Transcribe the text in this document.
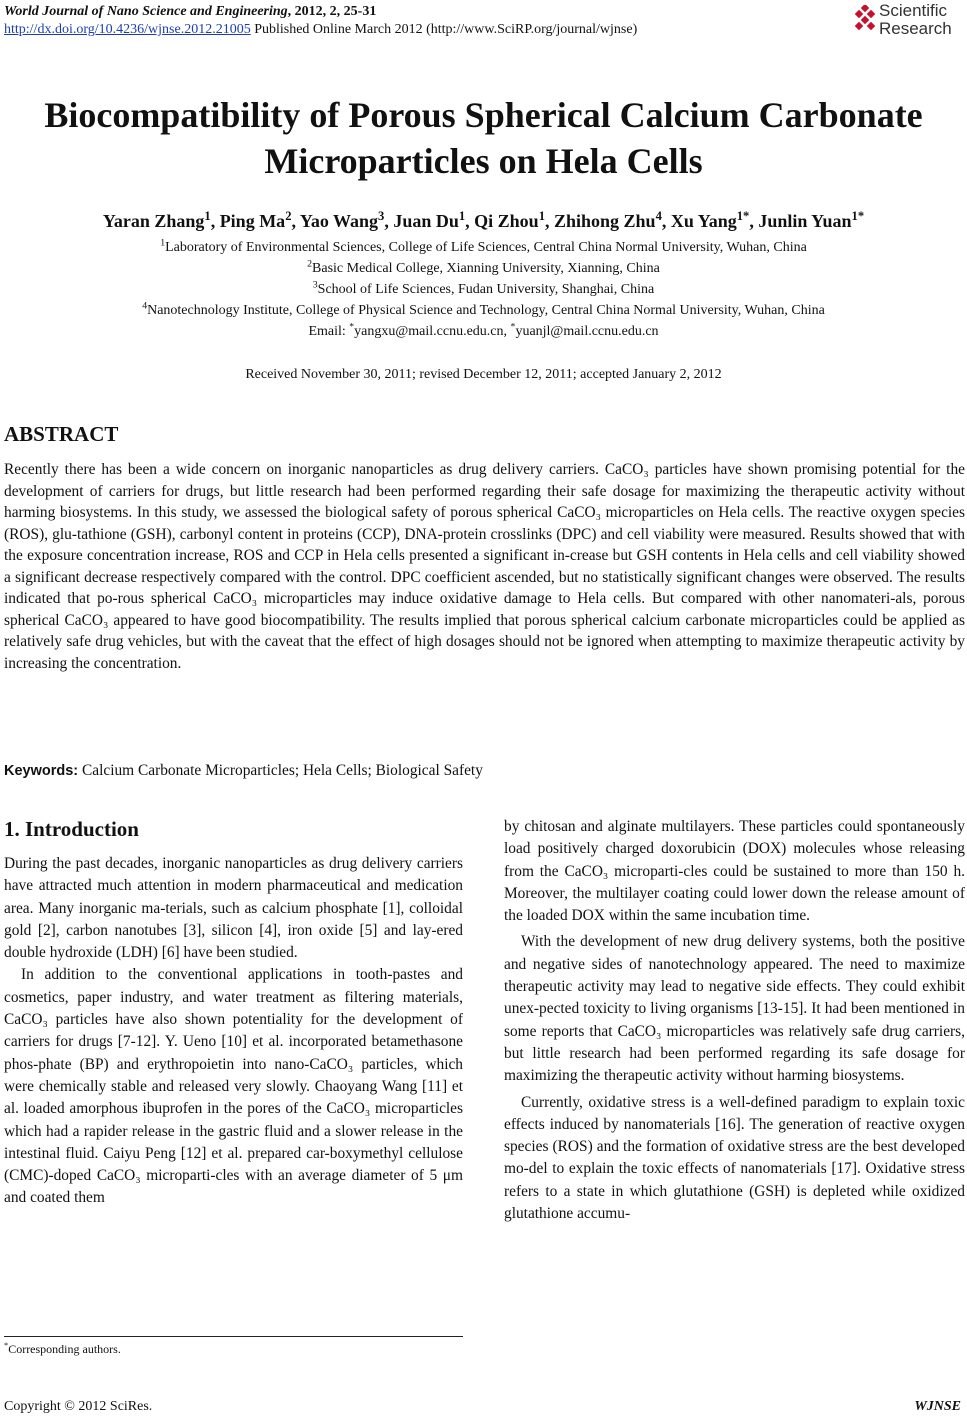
World Journal of Nano Science and Engineering, 2012, 2, 25-31
http://dx.doi.org/10.4236/wjnse.2012.21005 Published Online March 2012 (http://www.SciRP.org/journal/wjnse)
Scientific
Research
Biocompatibility of Porous Spherical Calcium Carbonate
Microparticles on Hela Cells
Yaran Zhang$^1$, Ping Ma$^2$, Yao Wang$^3$, Juan Du$^1$, Qi Zhou$^1$, Zhihong Zhu$^4$, Xu Yang$^{1*}$, Junlin Yuan$^{1*}$
$^1$Laboratory of Environmental Sciences, College of Life Sciences, Central China Normal University, Wuhan, China
$^2$Basic Medical College, Xianning University, Xianning, China
$^3$School of Life Sciences, Fudan University, Shanghai, China
$^4$Nanotechnology Institute, College of Physical Science and Technology, Central China Normal University, Wuhan, China
Email: *yangxu@mail.ccnu.edu.cn, *yuanjl@mail.ccnu.edu.cn
Received November 30, 2011; revised December 12, 2011; accepted January 2, 2012
ABSTRACT
Recently there has been a wide concern on inorganic nanoparticles as drug delivery carriers. CaCO₃ particles have shown promising potential for the development of carriers for drugs, but little research had been performed regarding their safe dosage for maximizing the therapeutic activity without harming biosystems. In this study, we assessed the biological safety of porous spherical CaCO₃ microparticles on Hela cells. The reactive oxygen species (ROS), glu-tathione (GSH), carbonyl content in proteins (CCP), DNA-protein crosslinks (DPC) and cell viability were measured. Results showed that with the exposure concentration increase, ROS and CCP in Hela cells presented a significant in-crease but GSH contents in Hela cells and cell viability showed a significant decrease respectively compared with the control. DPC coefficient ascended, but no statistically significant changes were observed. The results indicated that po-rous spherical CaCO₃ microparticles may induce oxidative damage to Hela cells. But compared with other nanomateri-als, porous spherical CaCO₃ appeared to have good biocompatibility. The results implied that porous spherical calcium carbonate microparticles could be applied as relatively safe drug vehicles, but with the caveat that the effect of high dosages should not be ignored when attempting to maximize therapeutic activity by increasing the concentration.
Keywords: Calcium Carbonate Microparticles; Hela Cells; Biological Safety
1. Introduction

During the past decades, inorganic nanoparticles as drug delivery carriers have attracted much attention in modern pharmaceutical and medication area. Many inorganic ma-terials, such as calcium phosphate [1], colloidal gold [2], carbon nanotubes [3], silicon [4], iron oxide [5] and lay-ered double hydroxide (LDH) [6] have been studied.

In addition to the conventional applications in tooth-pastes and cosmetics, paper industry, and water treatment as filtering materials, CaCO₃ particles have also shown potentiality for the development of carriers for drugs [7-12]. Y. Ueno [10] et al. incorporated betamethasone phos-phate (BP) and erythropoietin into nano-CaCO₃ particles, which were chemically stable and released very slowly. Chaoyang Wang [11] et al. loaded amorphous ibuprofen in the pores of the CaCO₃ microparticles which had a rapider release in the gastric fluid and a slower release in the intestinal fluid. Caiyu Peng [12] et al. prepared car-boxymethyl cellulose (CMC)-doped CaCO₃ microparti-cles with an average diameter of 5 μm and coated them

by chitosan and alginate multilayers. These particles could spontaneously load positively charged doxorubicin (DOX) molecules whose releasing from the CaCO₃ microparti-cles could be sustained to more than 150 h. Moreover, the multilayer coating could lower down the release amount of the loaded DOX within the same incubation time.

With the development of new drug delivery systems, both the positive and negative sides of nanotechnology appeared. The need to maximize therapeutic activity may lead to negative side effects. They could exhibit unex-pected toxicity to living organisms [13-15]. It had been mentioned in some reports that CaCO₃ microparticles was relatively safe drug carriers, but little research had been performed regarding its safe dosage for maximizing the therapeutic activity without harming biosystems.

Currently, oxidative stress is a well-defined paradigm to explain toxic effects induced by nanomaterials [16]. The generation of reactive oxygen species (ROS) and the formation of oxidative stress are the best developed mo-del to explain the toxic effects of nanomaterials [17]. Oxidative stress refers to a state in which glutathione (GSH) is depleted while oxidized glutathione accumu-

*Corresponding authors.
Copyright © 2012 SciRes.	WJNSE
